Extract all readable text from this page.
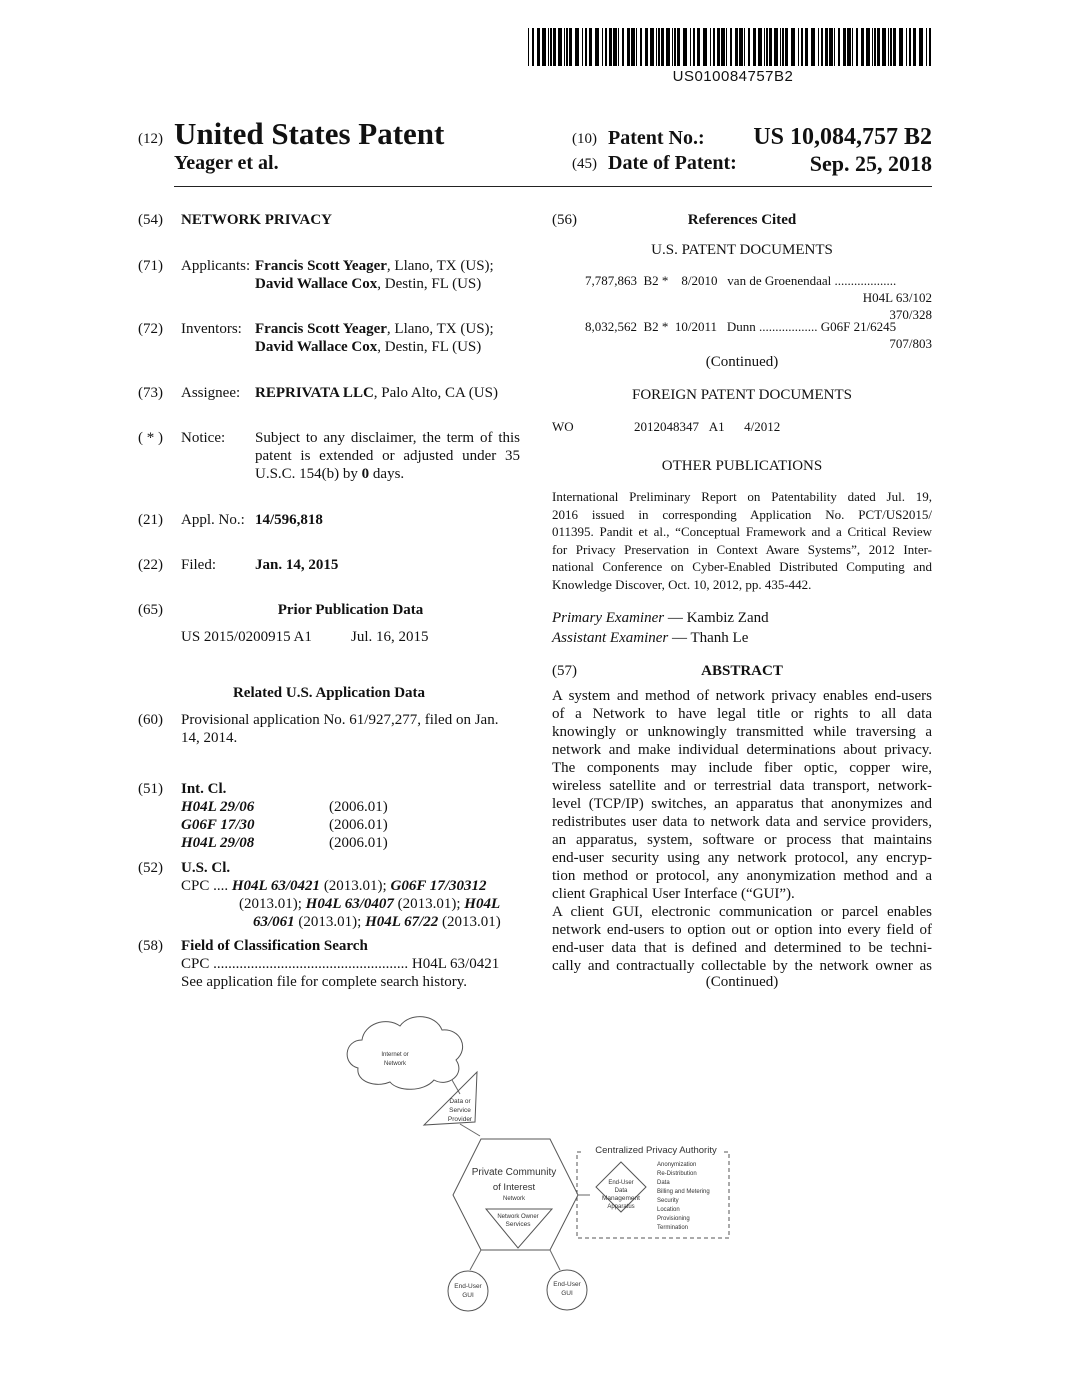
US010084757B2
(12) United States Patent
Yeager et al.
(10) Patent No.:	US 10,084,757 B2
(45) Date of Patent:	Sep. 25, 2018
(54) NETWORK PRIVACY
(71) Applicants: Francis Scott Yeager, Llano, TX (US);
David Wallace Cox, Destin, FL (US)
(72) Inventors: Francis Scott Yeager, Llano, TX (US);
David Wallace Cox, Destin, FL (US)
(73) Assignee: REPRIVATA LLC, Palo Alto, CA (US)
( * ) Notice: Subject to any disclaimer, the term of this
patent is extended or adjusted under 35
U.S.C. 154(b) by 0 days.
(21) Appl. No.: 14/596,818
(22) Filed:	Jan. 14, 2015
(65)	Prior Publication Data
US 2015/0200915 A1	Jul. 16, 2015
Related U.S. Application Data
(60) Provisional application No. 61/927,277, filed on Jan.
14, 2014.
(51) Int. Cl.
H04L 29/06	(2006.01)
G06F 17/30	(2006.01)
H04L 29/08	(2006.01)
(52) U.S. Cl.
CPC .... H04L 63/0421 (2013.01); G06F 17/30312
(2013.01); H04L 63/0407 (2013.01); H04L
63/061 (2013.01); H04L 67/22 (2013.01)
(58) Field of Classification Search
CPC .................................................... H04L 63/0421
See application file for complete search history.
(56)	References Cited
U.S. PATENT DOCUMENTS
7,787,863 B2 * 8/2010 van de Groenendaal ...................
H04L 63/102
370/328
8,032,562 B2 * 10/2011 Dunn .................. G06F 21/6245
707/803
(Continued)
FOREIGN PATENT DOCUMENTS
WO	2012048347 A1 4/2012
OTHER PUBLICATIONS
International Preliminary Report on Patentability dated Jul. 19,
2016 issued in corresponding Application No. PCT/US2015/
011395. Pandit et al., “Conceptual Framework and a Critical Review
for Privacy Preservation in Context Aware Systems”, 2012 Inter-
national Conference on Cyber-Enabled Distributed Computing and
Knowledge Discover, Oct. 10, 2012, pp. 435-442.
Primary Examiner — Kambiz Zand
Assistant Examiner — Thanh Le
(57)	ABSTRACT
A system and method of network privacy enables end-users
of a Network to have legal title or rights to all data
knowingly or unknowingly transmitted while traversing a
network and make individual determinations about privacy.
The components may include fiber optic, copper wire,
wireless satellite and or terrestrial data transport, network-
level (TCP/IP) switches, an apparatus that anonymizes and
redistributes user data to network data and service providers,
an apparatus, system, software or process that maintains
end-user security using any network protocol, any encryp-
tion method or protocol, any anonymization method and a
client Graphical User Interface (“GUI”).
A client GUI, electronic communication or parcel enables
network end-users to option out or option into every field of
end-user data that is defined and determined to be techni-
cally and contractually collectable by the network owner as
(Continued)
Internet or
Network
Data or
Service
Provider
Private Community
of Interest
Network
Network Owner
Services
End-User
GUI
End-User
GUI
Centralized Privacy Authority
End-User
Data
Management
Apparatus
Anonymization
Re-Distribution
Data
Billing and Metering
Security
Location
Provisioning
Termination
